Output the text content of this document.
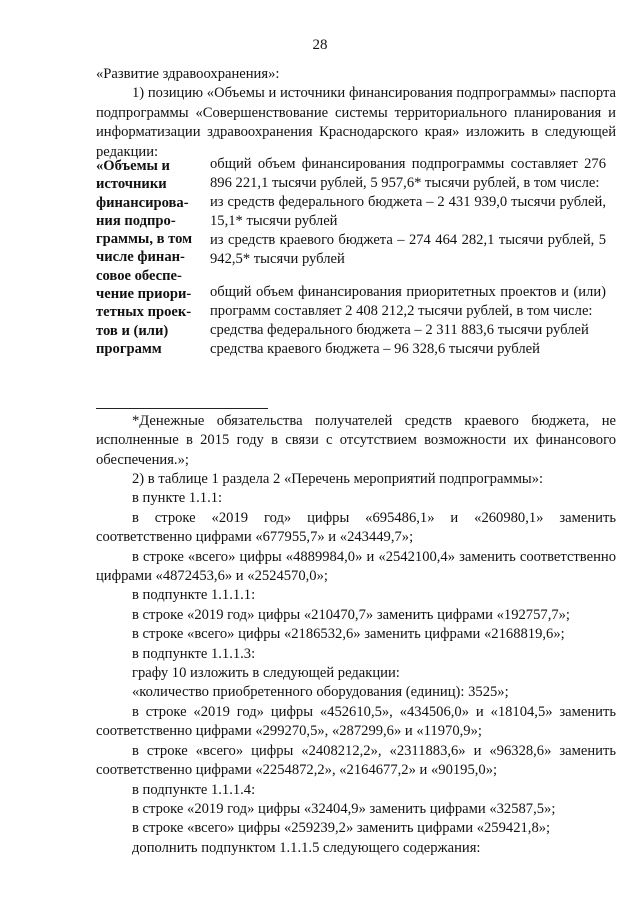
28

«Развитие здравоохранения»:

1) позицию «Объемы и источники финансирования подпрограммы» паспорта подпрограммы «Совершенствование системы территориального планирования и информатизации здравоохранения Краснодарского края» изложить в следующей редакции:

«Объемы и
источники
финансирова-
ния подпро-
граммы, в том
числе финан-
совое обеспе-
чение приори-
тетных проек-
тов и (или)
программ

общий объем финансирования подпрограммы составляет 276 896 221,1 тысячи рублей, 5 957,6* тысячи рублей, в том числе:

из средств федерального бюджета – 2 431 939,0 тысячи рублей, 15,1* тысячи рублей

из средств краевого бюджета – 274 464 282,1 тысячи рублей, 5 942,5* тысячи рублей

общий объем финансирования приоритетных проектов и (или) программ составляет 2 408 212,2 тысячи рублей, в том числе:

средства федерального бюджета – 2 311 883,6 тысячи рублей

средства краевого бюджета – 96 328,6 тысячи рублей

*Денежные обязательства получателей средств краевого бюджета, не исполненные в 2015 году в связи с отсутствием возможности их финансового обеспечения.»;

2) в таблице 1 раздела 2 «Перечень мероприятий подпрограммы»:

в пункте 1.1.1:

в строке «2019 год» цифры «695486,1» и «260980,1» заменить соответственно цифрами «677955,7» и «243449,7»;

в строке «всего» цифры «4889984,0» и «2542100,4» заменить соответственно цифрами «4872453,6» и «2524570,0»;

в подпункте 1.1.1.1:

в строке «2019 год» цифры «210470,7» заменить цифрами «192757,7»;

в строке «всего» цифры «2186532,6» заменить цифрами «2168819,6»;

в подпункте 1.1.1.3:

графу 10 изложить в следующей редакции:

«количество приобретенного оборудования (единиц): 3525»;

в строке «2019 год» цифры «452610,5», «434506,0» и «18104,5» заменить соответственно цифрами «299270,5», «287299,6» и «11970,9»;

в строке «всего» цифры «2408212,2», «2311883,6» и «96328,6» заменить соответственно цифрами «2254872,2», «2164677,2» и «90195,0»;

в подпункте 1.1.1.4:

в строке «2019 год» цифры «32404,9» заменить цифрами «32587,5»;

в строке «всего» цифры «259239,2» заменить цифрами «259421,8»;

дополнить подпунктом 1.1.1.5 следующего содержания:
